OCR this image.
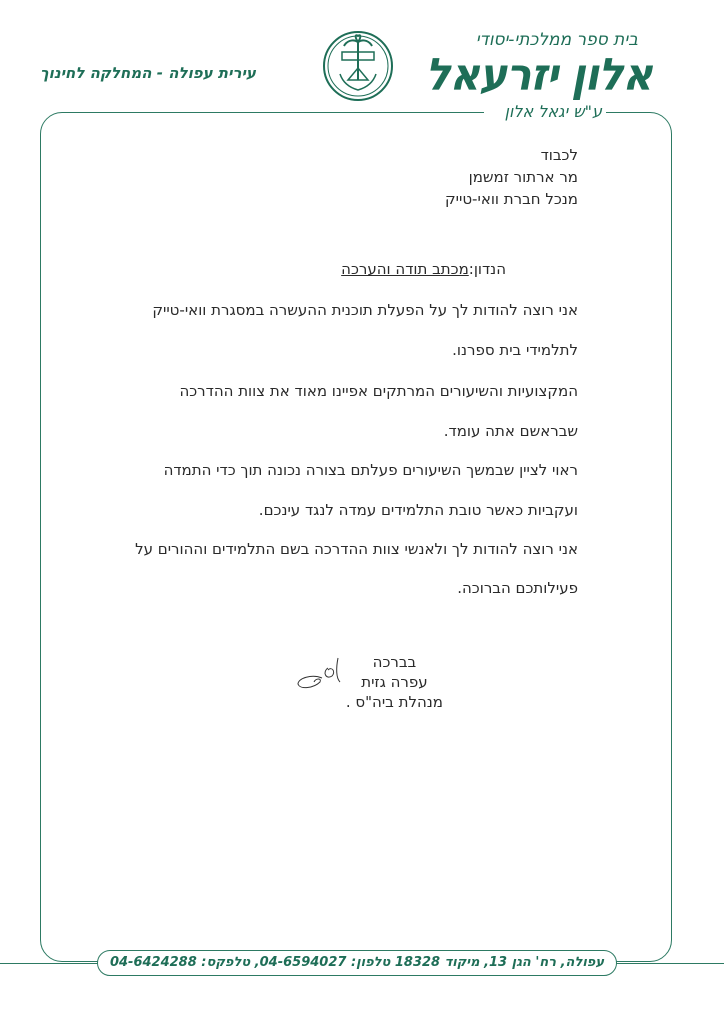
בית ספר ממלכתי-יסודי
אלון יזרעאל
עירית עפולה - המחלקה לחינוך
ע"ש יגאל אלון
לכבוד
מר ארתור זמשמן
מנכל חברת וואי-טייק
הנדון:מכתב תודה והערכה
אני רוצה להודות לך על הפעלת תוכנית ההעשרה במסגרת וואי-טייק
לתלמידי בית ספרנו.
המקצועיות והשיעורים המרתקים אפיינו מאוד את צוות ההדרכה
שבראשם אתה עומד.
ראוי לציין שבמשך השיעורים פעלתם בצורה נכונה תוך כדי התמדה
ועקביות כאשר טובת התלמידים עמדה לנגד עינכם.
אני רוצה להודות לך ולאנשי צוות ההדרכה בשם התלמידים וההורים על
פעילותכם הברוכה.
בברכה
עפרה גזית
מנהלת ביה"ס .
עפולה, רח' הגן 13, מיקוד 18328 טלפון: 04-6594027, טלפקס: 04-6424288
